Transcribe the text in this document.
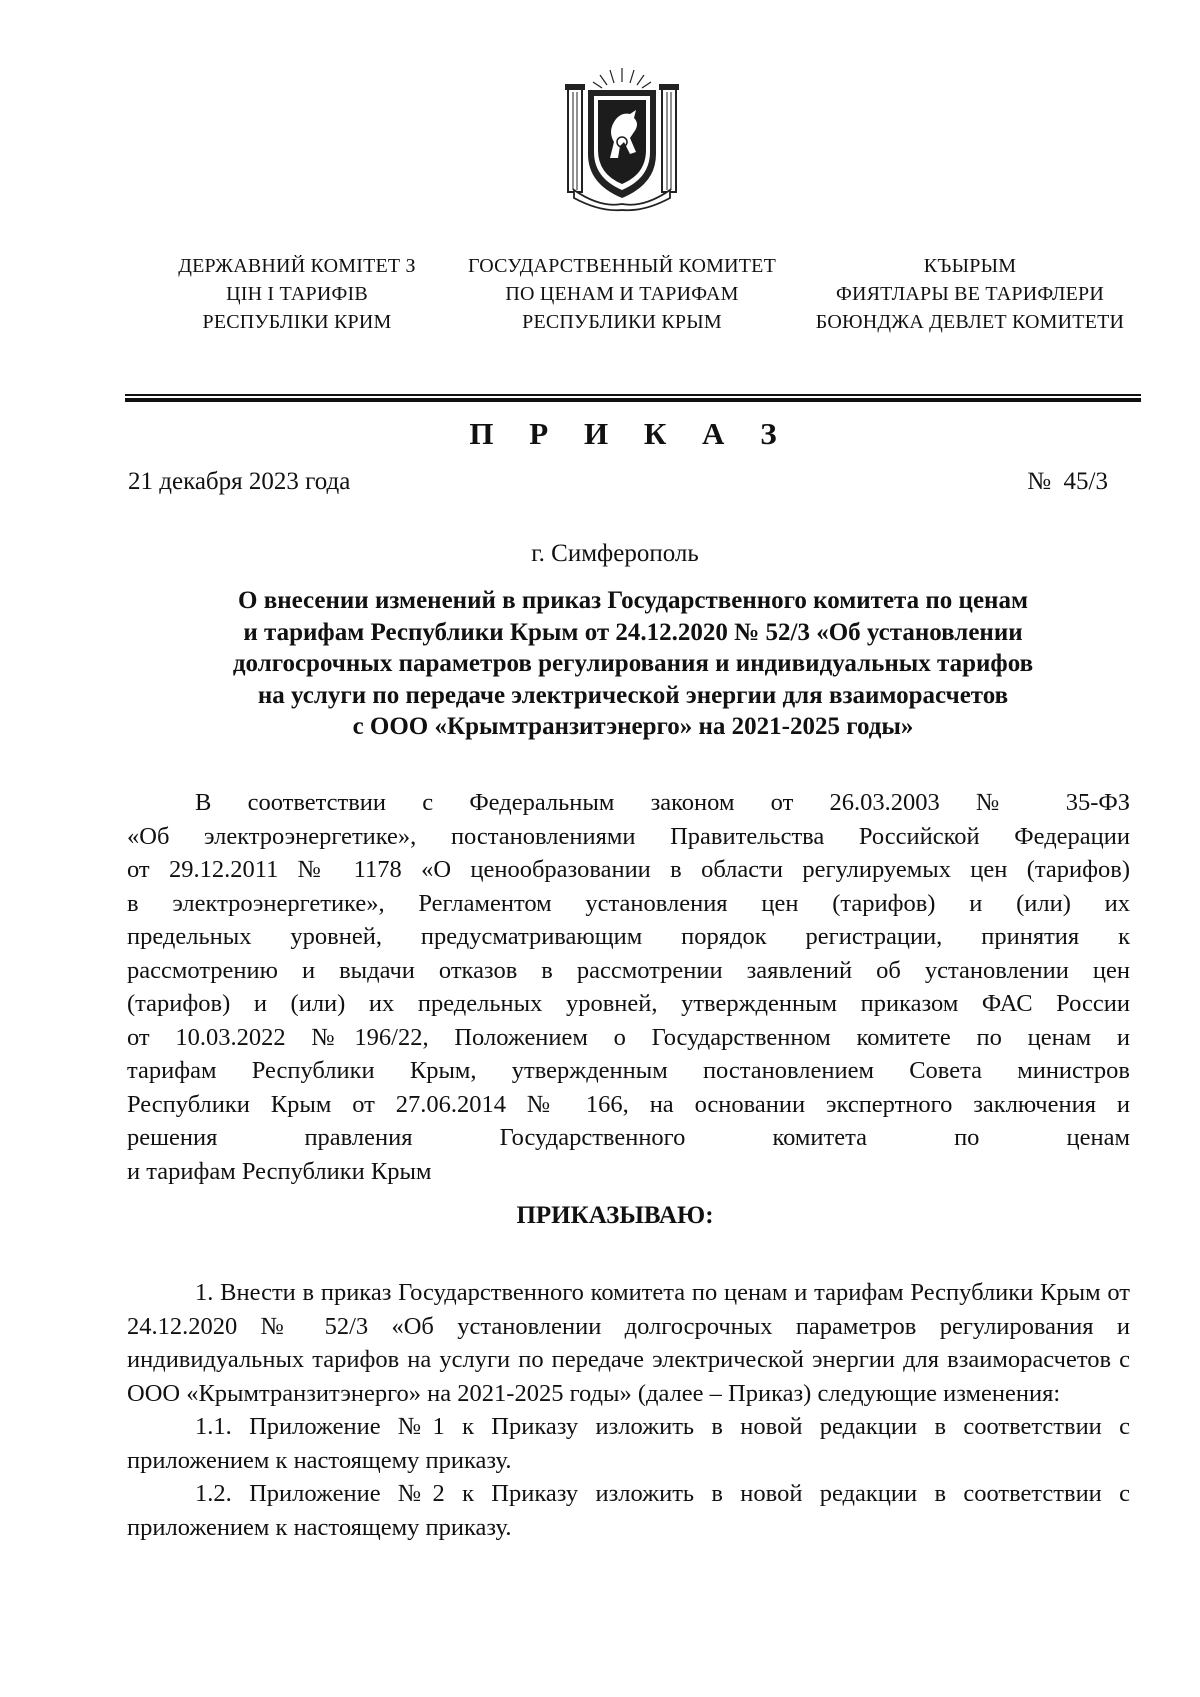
ДЕРЖАВНИЙ КОМІТЕТ З
ЦІН І ТАРИФІВ
РЕСПУБЛІКИ КРИМ
ГОСУДАРСТВЕННЫЙ КОМИТЕТ
ПО ЦЕНАМ И ТАРИФАМ
РЕСПУБЛИКИ КРЫМ
КЪЫРЫМ
ФИЯТЛАРЫ ВЕ ТАРИФЛЕРИ
БОЮНДЖА ДЕВЛЕТ КОМИТЕТИ
П Р И К А З
21 декабря 2023 года	№  45/3
г. Симферополь
О внесении изменений в приказ Государственного комитета по ценам
и тарифам Республики Крым от 24.12.2020 № 52/3 «Об установлении
долгосрочных параметров регулирования и индивидуальных тарифов
на услуги по передаче электрической энергии для взаиморасчетов
с ООО «Крымтранзитэнерго» на 2021-2025 годы»
В соответствии с Федеральным законом от 26.03.2003 № 35-ФЗ
«Об электроэнергетике», постановлениями Правительства Российской Федерации
от 29.12.2011 № 1178 «О ценообразовании в области регулируемых цен (тарифов)
в электроэнергетике», Регламентом установления цен (тарифов) и (или) их
предельных уровней, предусматривающим порядок регистрации, принятия к
рассмотрению и выдачи отказов в рассмотрении заявлений об установлении цен
(тарифов) и (или) их предельных уровней, утвержденным приказом ФАС России
от 10.03.2022 №196/22, Положением о Государственном комитете по ценам и
тарифам Республики Крым, утвержденным постановлением Совета министров
Республики Крым от 27.06.2014 № 166, на основании экспертного заключения и
решения правления Государственного комитета по ценам
и тарифам Республики Крым
ПРИКАЗЫВАЮ:
1. Внести в приказ Государственного комитета по ценам и тарифам Республики Крым от 24.12.2020 № 52/3 «Об установлении долгосрочных параметров регулирования и индивидуальных тарифов на услуги по передаче электрической энергии для взаиморасчетов с ООО «Крымтранзитэнерго» на 2021-2025 годы» (далее – Приказ) следующие изменения:
1.1. Приложение №1 к Приказу изложить в новой редакции в соответствии с приложением к настоящему приказу.
1.2. Приложение №2 к Приказу изложить в новой редакции в соответствии с приложением к настоящему приказу.
